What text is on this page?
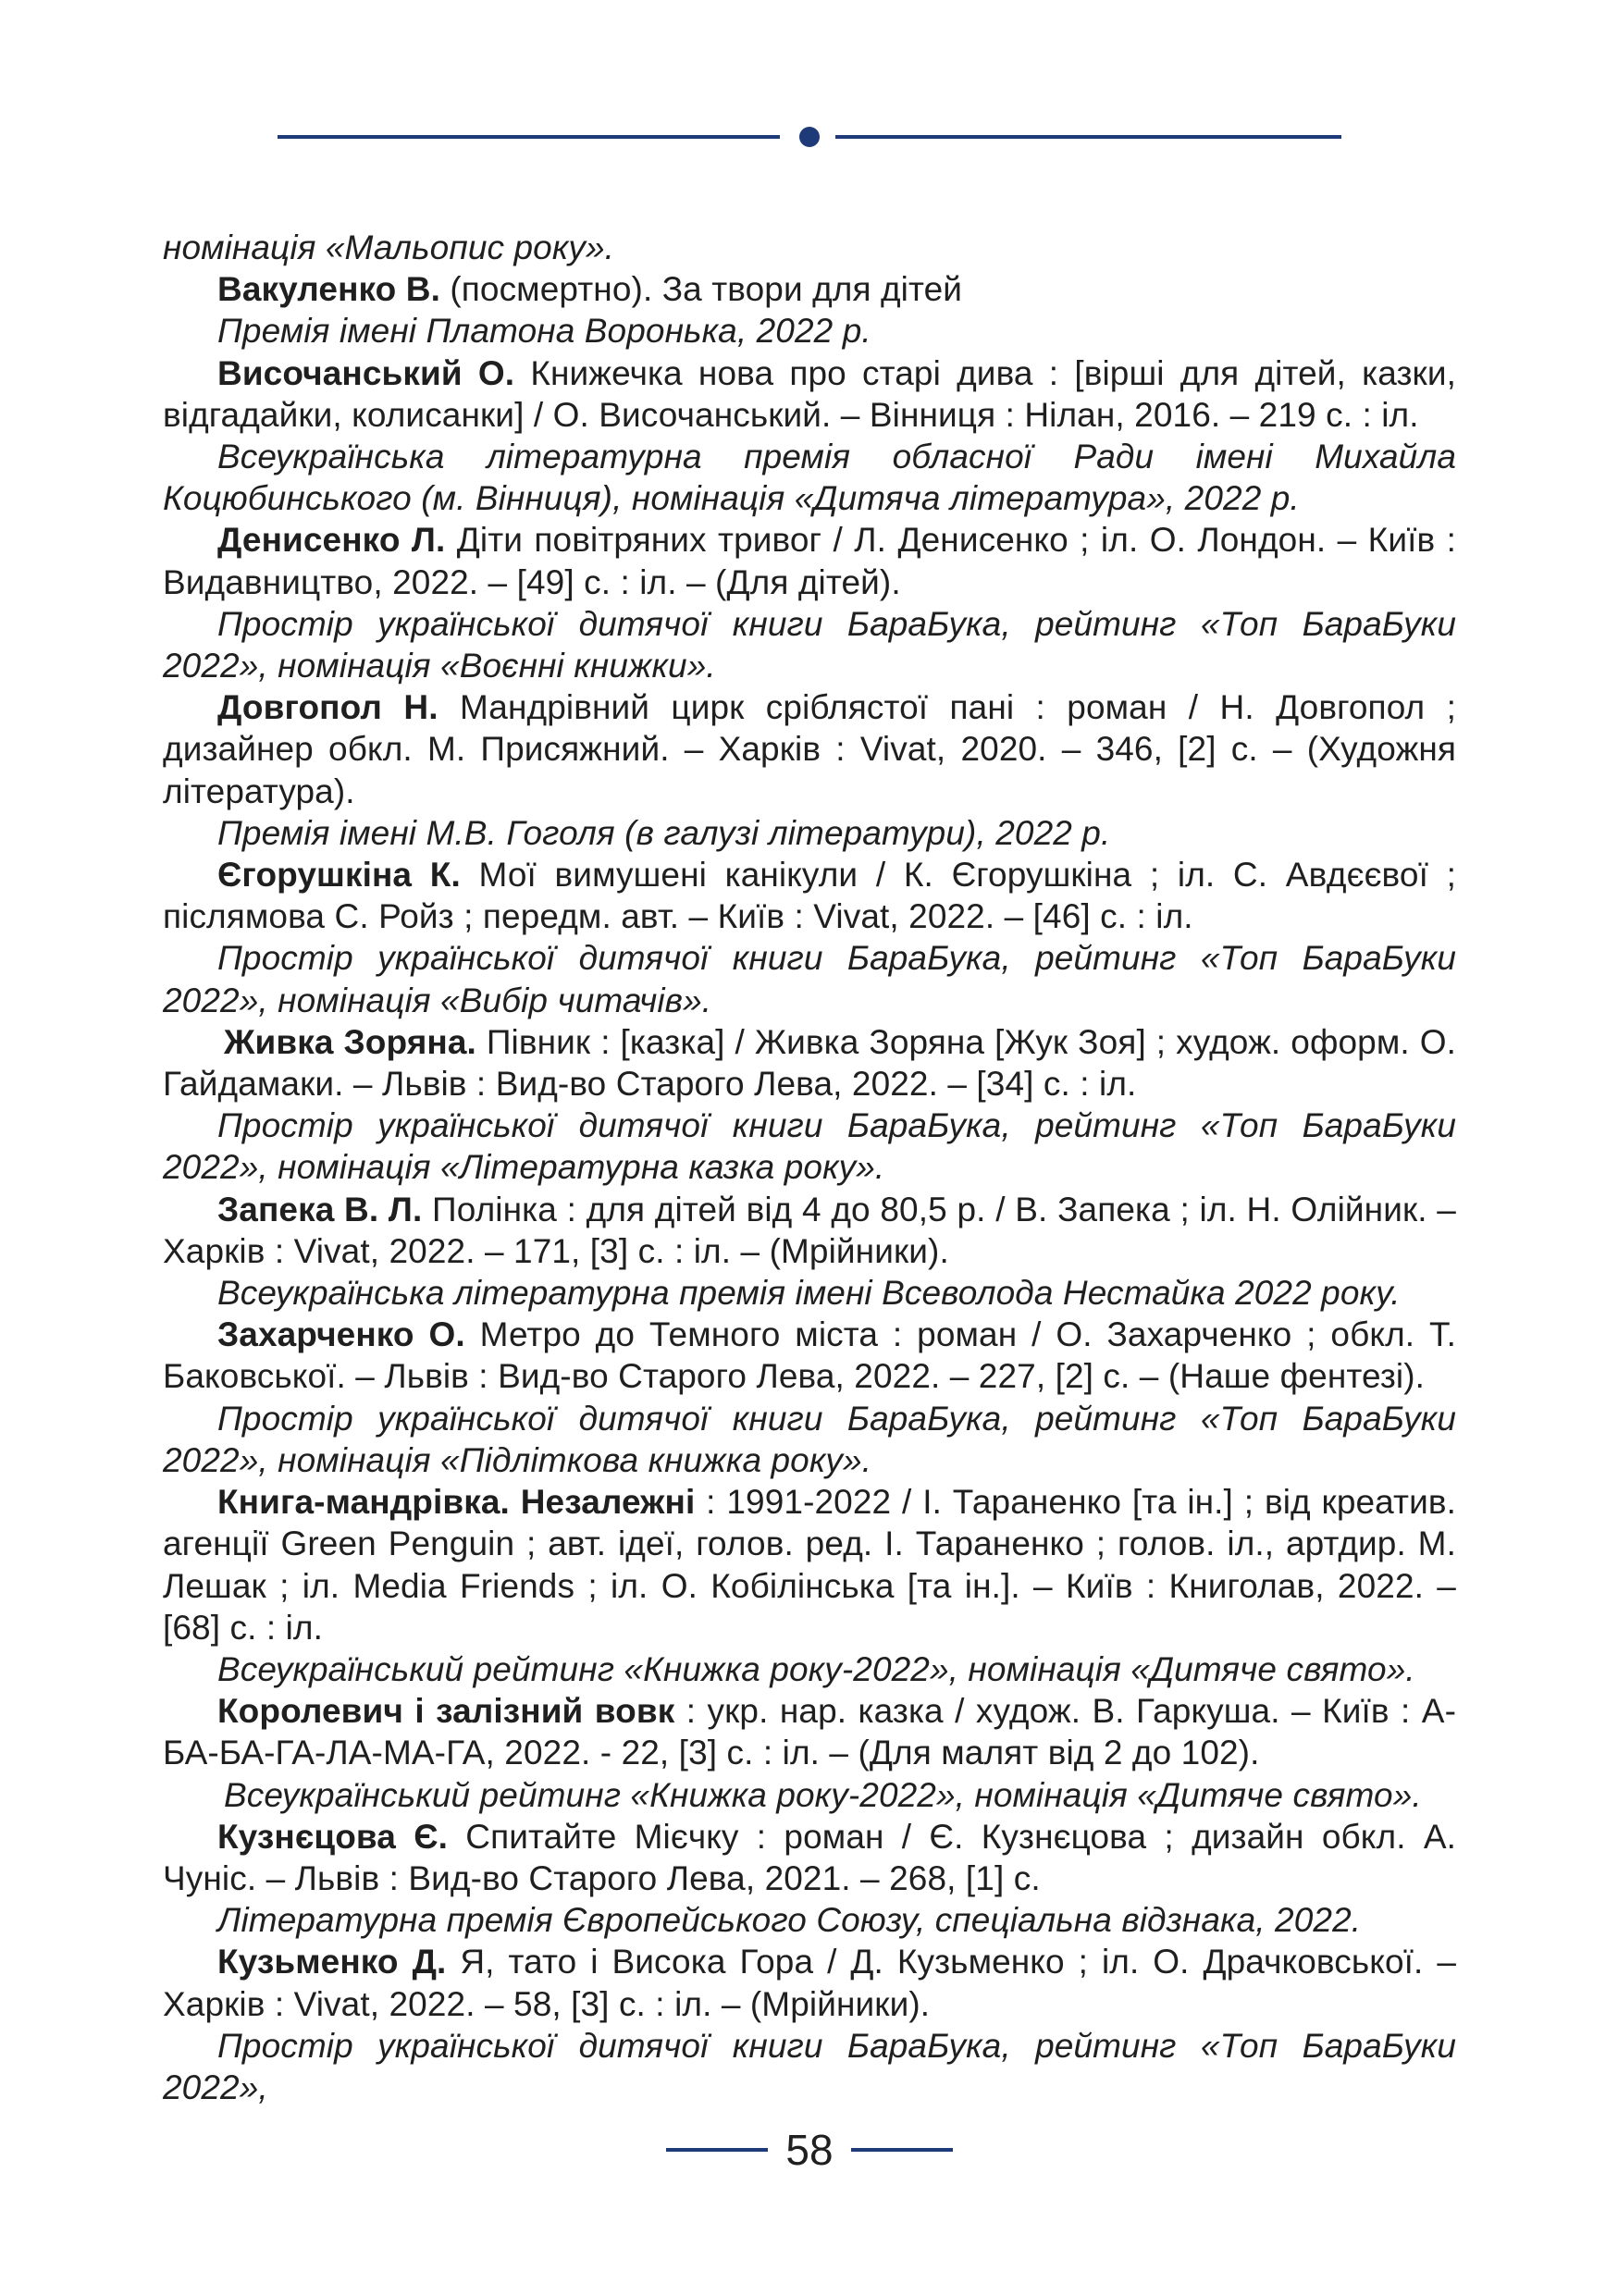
номінація «Мальопис року».

Вакуленко В. (посмертно). За твори для дітей

Премія імені Платона Воронька, 2022 р.

Височанський О. Книжечка нова про старі дива : [вірші для дітей, казки, відгадайки, колисанки] / О. Височанський. – Вінниця : Нілан, 2016. – 219 с. : іл.

Всеукраїнська літературна премія обласної Ради імені Михайла Коцюбинського (м. Вінниця), номінація «Дитяча література», 2022 р.

Денисенко Л. Діти повітряних тривог / Л. Денисенко ; іл. О. Лондон. – Київ : Видавництво, 2022. – [49] с. : іл. – (Для дітей).

Простір української дитячої книги БараБука, рейтинг «Топ БараБуки 2022», номінація «Воєнні книжки».

Довгопол Н. Мандрівний цирк сріблястої пані : роман / Н. Довгопол ; дизайнер обкл. М. Присяжний. – Харків : Vivat, 2020. – 346, [2] с. – (Художня література).

Премія імені М.В. Гоголя (в галузі літератури), 2022 р.

Єгорушкіна К. Мої вимушені канікули / К. Єгорушкіна ; іл. С. Авдєєвої ; післямова С. Ройз ; передм. авт. – Київ : Vivat, 2022. – [46] с. : іл.

Простір української дитячої книги БараБука, рейтинг «Топ БараБуки 2022», номінація «Вибір читачів».

Живка Зоряна. Півник : [казка] / Живка Зоряна [Жук Зоя] ; худож. оформ. О. Гайдамаки. – Львів : Вид-во Старого Лева, 2022. – [34] с. : іл.

Простір української дитячої книги БараБука, рейтинг «Топ БараБуки 2022», номінація «Літературна казка року».

Запека В. Л. Полінка : для дітей від 4 до 80,5 р. / В. Запека ; іл. Н. Олійник. – Харків : Vivat, 2022. – 171, [3] с. : іл. – (Мрійники).

Всеукраїнська літературна премія імені Всеволода Нестайка 2022 року.

Захарченко О. Метро до Темного міста : роман / О. Захарченко ; обкл. Т. Баковської. – Львів : Вид-во Старого Лева, 2022. – 227, [2] с. – (Наше фентезі).

Простір української дитячої книги БараБука, рейтинг «Топ БараБуки 2022», номінація «Підліткова книжка року».

Книга-мандрівка. Незалежні : 1991-2022 / І. Тараненко [та ін.] ; від креатив. агенції Green Penguin ; авт. ідеї, голов. ред. І. Тараненко ; голов. іл., артдир. М. Лешак ; іл. Media Friends ; іл. О. Кобілінська [та ін.]. – Київ : Книголав, 2022. – [68] с. : іл.

Всеукраїнський рейтинг «Книжка року-2022», номінація «Дитяче свято».

Королевич і залізний вовк : укр. нар. казка / худож. В. Гаркуша. – Київ : А-БА-БА-ГА-ЛА-МА-ГА, 2022. - 22, [3] с. : іл. – (Для малят від 2 до 102).

Всеукраїнський рейтинг «Книжка року-2022», номінація «Дитяче свято».

Кузнєцова Є. Спитайте Мієчку : роман / Є. Кузнєцова ; дизайн обкл. А. Чуніс. – Львів : Вид-во Старого Лева, 2021. – 268, [1] с.

Літературна премія Європейського Союзу, спеціальна відзнака, 2022.

Кузьменко Д. Я, тато і Висока Гора / Д. Кузьменко ; іл. О. Драчковської. – Харків : Vivat, 2022. – 58, [3] с. : іл. – (Мрійники).

Простір української дитячої книги БараБука, рейтинг «Топ БараБуки 2022»,

58
